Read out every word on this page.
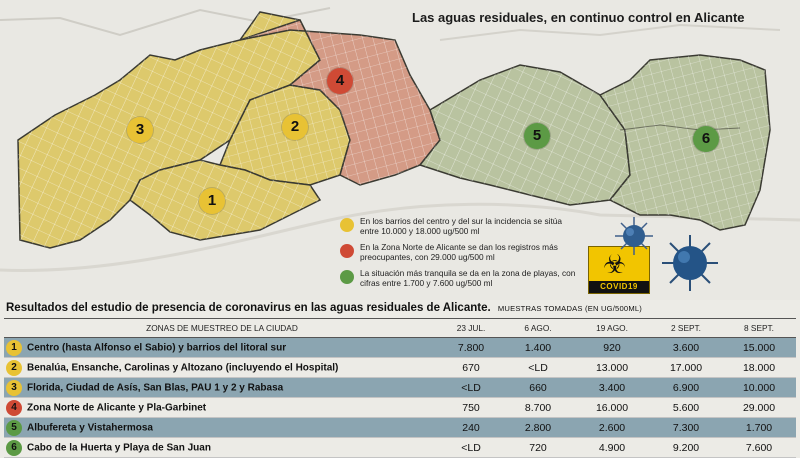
Las aguas residuales, en continuo control en Alicante
3	2
1
4
5	6
En los barrios del centro y del sur la incidencia se sitúa entre 10.000 y 18.000 ug/500 ml
En la Zona Norte de Alicante se dan los registros más preocupantes, con 29.000 ug/500 ml
La situación más tranquila se da en la zona de playas, con cifras entre 1.700 y 7.600 ug/500 ml
☣
COVID19
Resultados del estudio de presencia de coronavirus en las aguas residuales de Alicante. MUESTRAS TOMADAS (EN UG/500ML)
ZONAS DE MUESTREO DE LA CIUDAD	23 JUL.	6 AGO.	19 AGO.	2 SEPT.	8 SEPT.
1 Centro (hasta Alfonso el Sabio) y barrios del litoral sur	7.800	1.400	920	3.600	15.000
2 Benalúa, Ensanche, Carolinas y Altozano (incluyendo el Hospital)	670	<LD	13.000	17.000	18.000
3 Florida, Ciudad de Asís, San Blas, PAU 1 y 2 y Rabasa	<LD	660	3.400	6.900	10.000
4 Zona Norte de Alicante y Pla-Garbinet	750	8.700	16.000	5.600	29.000
5 Albufereta y Vistahermosa	240	2.800	2.600	7.300	1.700
6 Cabo de la Huerta y Playa de San Juan	<LD	720	4.900	9.200	7.600
